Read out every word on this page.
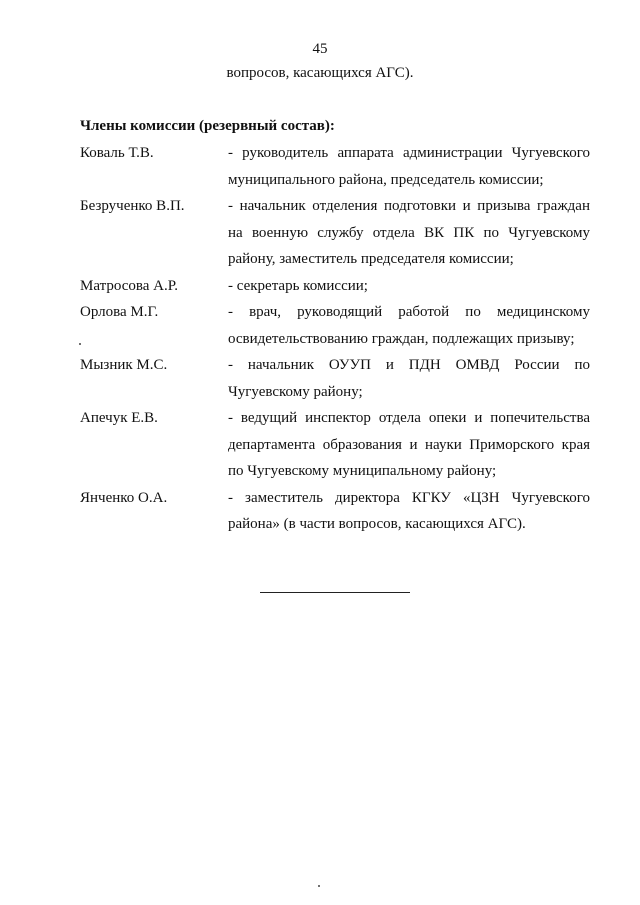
45
вопросов, касающихся АГС).
Члены комиссии (резервный состав):
Коваль Т.В.	- руководитель аппарата администрации Чугуевского муниципального района, председатель комиссии;
Безрученко В.П.	- начальник отделения подготовки и призыва граждан на военную службу отдела ВК ПК по Чугуевскому району, заместитель председателя комиссии;
Матросова А.Р.	- секретарь комиссии;
Орлова М.Г.	- врач, руководящий работой по медицинскому освидетельствованию граждан, подлежащих призыву;
Мызник М.С.	- начальник ОУУП и ПДН ОМВД России по Чугуевскому району;
Апечук Е.В.	- ведущий инспектор отдела опеки и попечительства департамента образования и науки Приморского края по Чугуевскому муниципальному району;
Янченко О.А.	- заместитель директора КГКУ «ЦЗН Чугуевского района» (в части вопросов, касающихся АГС).
